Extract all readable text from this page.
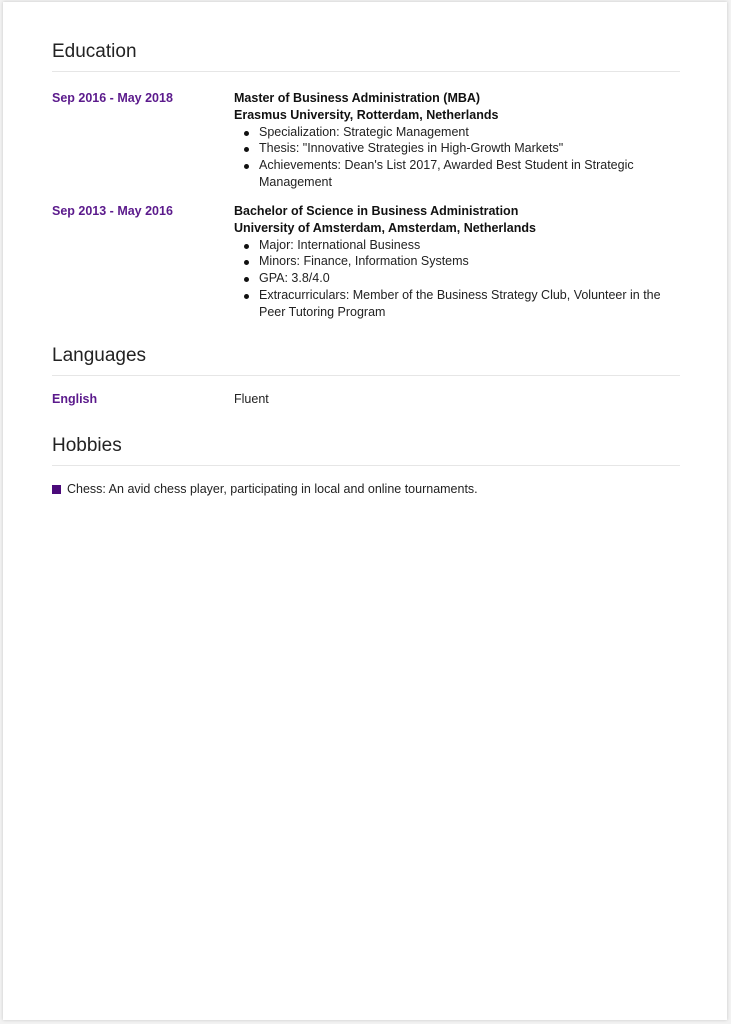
Education
Sep 2016 - May 2018	Master of Business Administration (MBA)
Erasmus University, Rotterdam, Netherlands
Specialization: Strategic Management
Thesis: "Innovative Strategies in High-Growth Markets"
Achievements: Dean's List 2017, Awarded Best Student in Strategic Management
Sep 2013 - May 2016	Bachelor of Science in Business Administration
University of Amsterdam, Amsterdam, Netherlands
Major: International Business
Minors: Finance, Information Systems
GPA: 3.8/4.0
Extracurriculars: Member of the Business Strategy Club, Volunteer in the Peer Tutoring Program
Languages
English	Fluent
Hobbies
Chess: An avid chess player, participating in local and online tournaments.
